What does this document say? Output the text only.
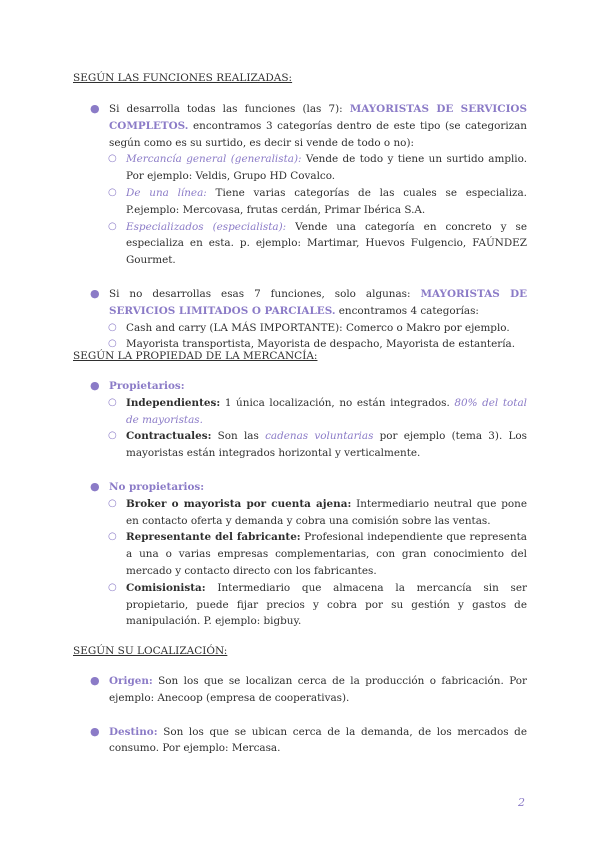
SEGÚN LAS FUNCIONES REALIZADAS:
● Si desarrolla todas las funciones (las 7): MAYORISTAS DE SERVICIOS COMPLETOS. encontramos 3 categorías dentro de este tipo (se categorizan según como es su surtido, es decir si vende de todo o no):
○ Mercancía general (generalista): Vende de todo y tiene un surtido amplio. Por ejemplo: Veldis, Grupo HD Covalco.
○ De una línea: Tiene varias categorías de las cuales se especializa. P.ejemplo: Mercovasa, frutas cerdán, Primar Ibérica S.A.
○ Especializados (especialista): Vende una categoría en concreto y se especializa en esta. p. ejemplo: Martimar, Huevos Fulgencio, FAÚNDEZ Gourmet.
● Si no desarrollas esas 7 funciones, solo algunas: MAYORISTAS DE SERVICIOS LIMITADOS O PARCIALES. encontramos 4 categorías:
○ Cash and carry (LA MÁS IMPORTANTE): Comerco o Makro por ejemplo.
○ Mayorista transportista, Mayorista de despacho, Mayorista de estantería.
SEGÚN LA PROPIEDAD DE LA MERCANCÍA:
● Propietarios:
○ Independientes: 1 única localización, no están integrados. 80% del total de mayoristas.
○ Contractuales: Son las cadenas voluntarias por ejemplo (tema 3). Los mayoristas están integrados horizontal y verticalmente.
● No propietarios:
○ Broker o mayorista por cuenta ajena: Intermediario neutral que pone en contacto oferta y demanda y cobra una comisión sobre las ventas.
○ Representante del fabricante: Profesional independiente que representa a una o varias empresas complementarias, con gran conocimiento del mercado y contacto directo con los fabricantes.
○ Comisionista: Intermediario que almacena la mercancía sin ser propietario, puede fijar precios y cobra por su gestión y gastos de manipulación. P. ejemplo: bigbuy.
SEGÚN SU LOCALIZACIÓN:
● Origen: Son los que se localizan cerca de la producción o fabricación. Por ejemplo: Anecoop (empresa de cooperativas).
● Destino: Son los que se ubican cerca de la demanda, de los mercados de consumo. Por ejemplo: Mercasa.
2
